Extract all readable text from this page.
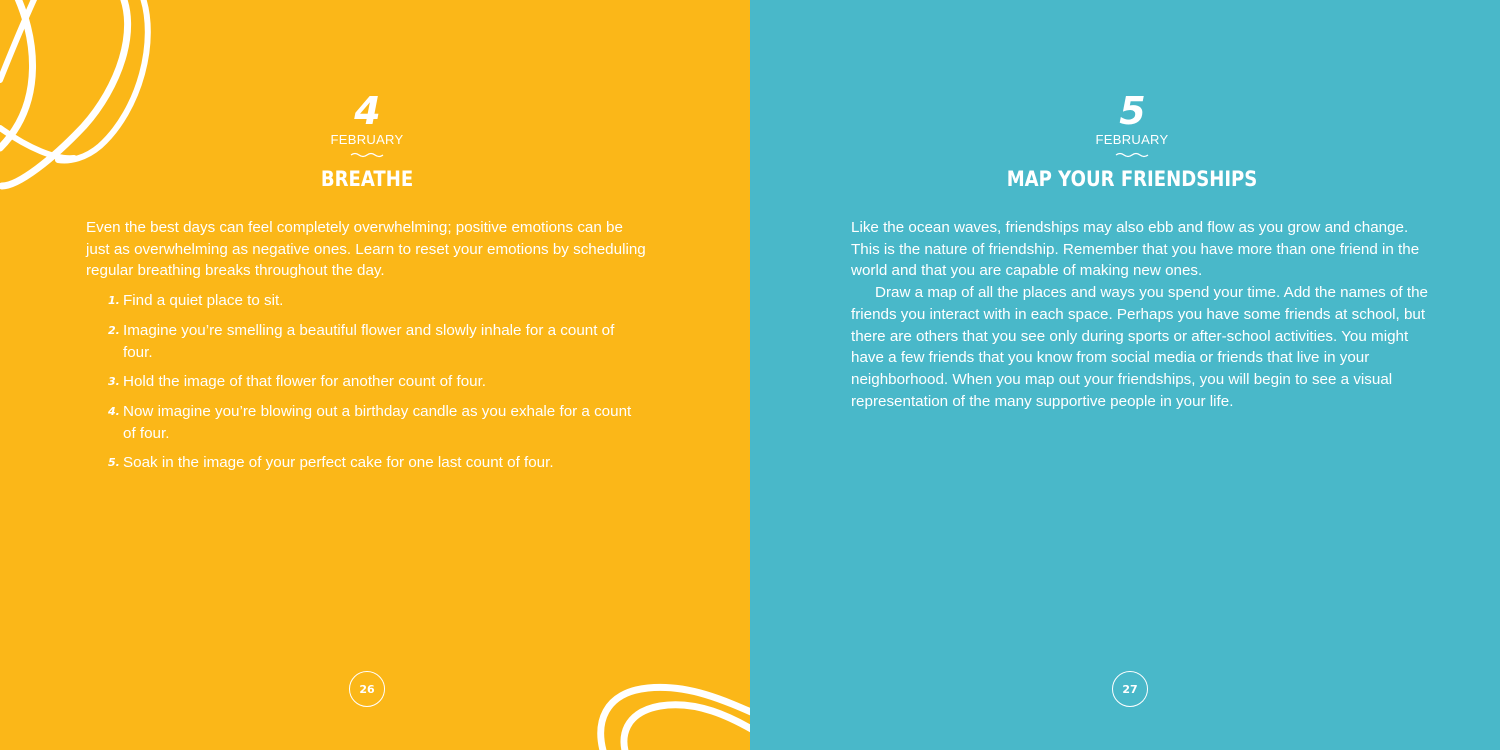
4
FEBRUARY
BREATHE

Even the best days can feel completely overwhelming; positive emotions can be just as overwhelming as negative ones. Learn to reset your emotions by scheduling regular breathing breaks throughout the day.

1. Find a quiet place to sit.
2. Imagine you’re smelling a beautiful flower and slowly inhale for a count of four.
3. Hold the image of that flower for another count of four.
4. Now imagine you’re blowing out a birthday candle as you exhale for a count of four.
5. Soak in the image of your perfect cake for one last count of four.
26
5
FEBRUARY
MAP YOUR FRIENDSHIPS

Like the ocean waves, friendships may also ebb and flow as you grow and change. This is the nature of friendship. Remember that you have more than one friend in the world and that you are capable of making new ones.

Draw a map of all the places and ways you spend your time. Add the names of the friends you interact with in each space. Perhaps you have some friends at school, but there are others that you see only during sports or after-school activities. You might have a few friends that you know from social media or friends that live in your neighborhood. When you map out your friendships, you will begin to see a visual representation of the many supportive people in your life.

27
